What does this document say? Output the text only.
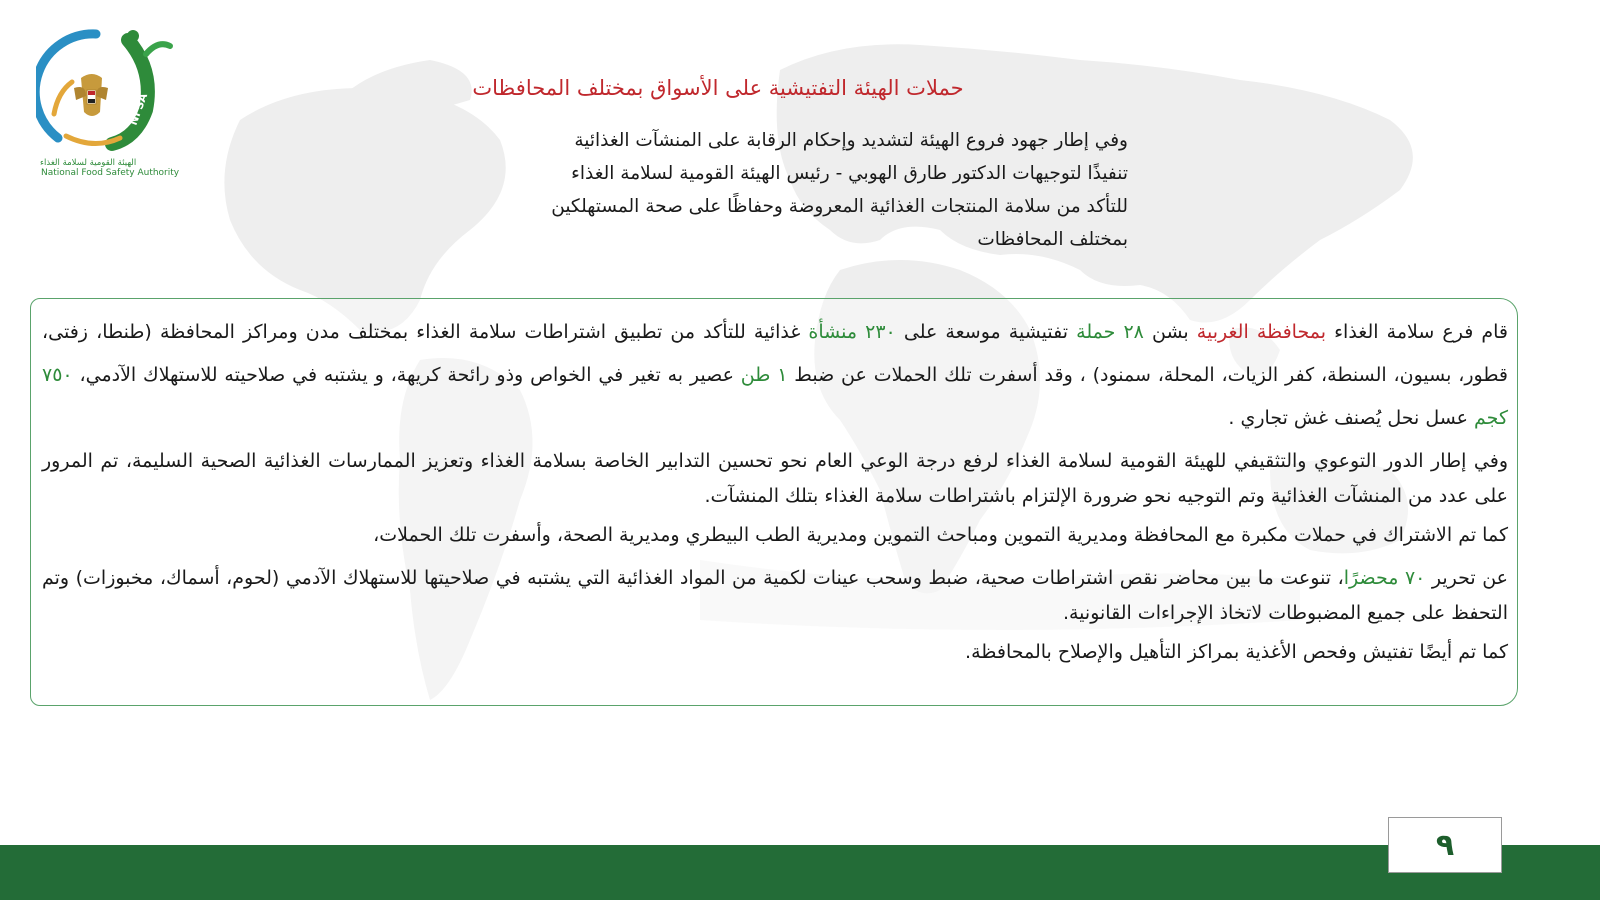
NFSA
الهيئة القومية لسلامة الغذاء
National Food Safety Authority
حملات الهيئة التفتيشية على الأسواق بمختلف المحافظات

وفي إطار جهود فروع الهيئة لتشديد وإحكام الرقابة على المنشآت الغذائية

تنفيذًا لتوجيهات الدكتور طارق الهوبي - رئيس الهيئة القومية لسلامة الغذاء

للتأكد من سلامة المنتجات الغذائية المعروضة وحفاظًا على صحة المستهلكين

بمختلف المحافظات

قام فرع سلامة الغذاء بمحافظة الغربية بشن ٢٨ حملة تفتيشية موسعة على ٢٣٠ منشأة غذائية للتأكد من تطبيق اشتراطات سلامة الغذاء بمختلف مدن ومراكز المحافظة (طنطا، زفتى، قطور، بسيون، السنطة، كفر الزيات، المحلة، سمنود) ، وقد أسفرت تلك الحملات عن ضبط ١ طن عصير به تغير في الخواص وذو رائحة كريهة، و يشتبه في صلاحيته للاستهلاك الآدمي، ٧٥٠ كجم عسل نحل يُصنف غش تجاري .

وفي إطار الدور التوعوي والتثقيفي للهيئة القومية لسلامة الغذاء لرفع درجة الوعي العام نحو تحسين التدابير الخاصة بسلامة الغذاء وتعزيز الممارسات الغذائية الصحية السليمة، تم المرور على عدد من المنشآت الغذائية وتم التوجيه نحو ضرورة الإلتزام باشتراطات سلامة الغذاء بتلك المنشآت.

كما تم الاشتراك في حملات مكبرة مع المحافظة ومديرية التموين ومباحث التموين ومديرية الطب البيطري ومديرية الصحة، وأسفرت تلك الحملات،

عن تحرير ٧٠ محضرًا، تنوعت ما بين محاضر نقص اشتراطات صحية، ضبط وسحب عينات لكمية من المواد الغذائية التي يشتبه في صلاحيتها للاستهلاك الآدمي (لحوم، أسماك، مخبوزات) وتم التحفظ على جميع المضبوطات لاتخاذ الإجراءات القانونية.

كما تم أيضًا تفتيش وفحص الأغذية بمراكز التأهيل والإصلاح بالمحافظة.

٩
